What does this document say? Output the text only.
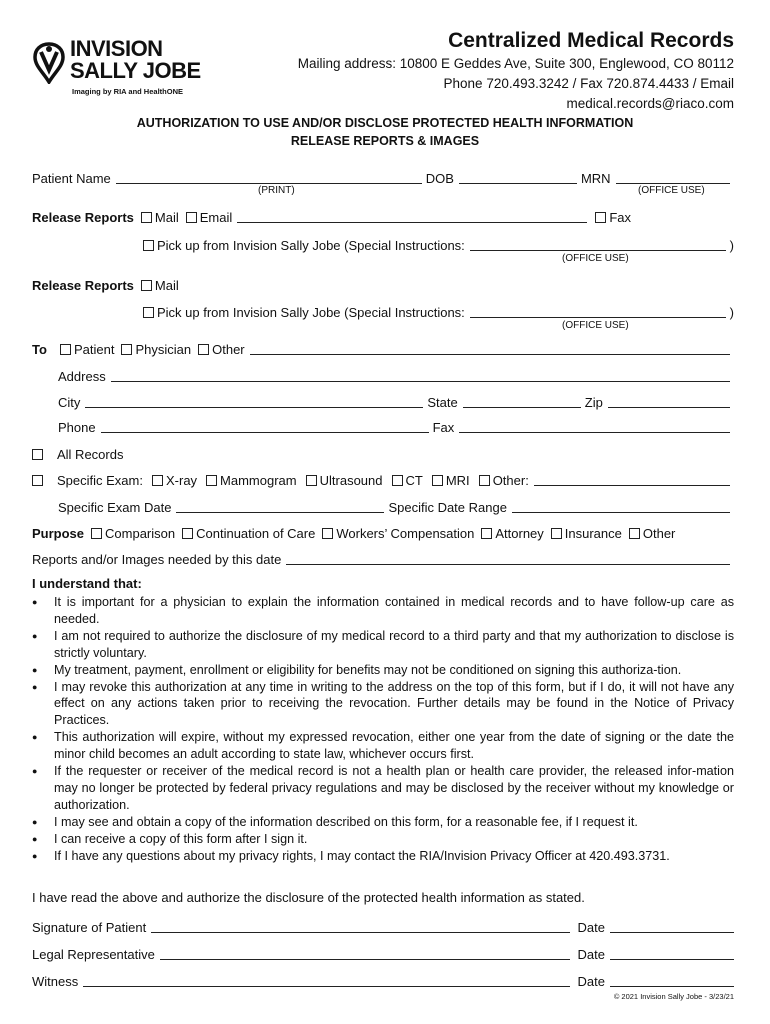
INVISION
SALLY JOBE
Imaging by RIA and HealthONE
Centralized Medical Records
Mailing address: 10800 E Geddes Ave, Suite 300, Englewood, CO 80112
Phone 720.493.3242 / Fax 720.874.4433 / Email medical.records@riaco.com
AUTHORIZATION TO USE AND/OR DISCLOSE PROTECTED HEALTH INFORMATION
RELEASE REPORTS & IMAGES
Patient Name	DOB	MRN
(PRINT)	(OFFICE USE)
Release Reports Mail Email	Fax
Pick up from Invision Sally Jobe (Special Instructions:	)
(OFFICE USE)
Release Reports Mail
Pick up from Invision Sally Jobe (Special Instructions:	)
(OFFICE USE)
To	Patient Physician Other
Address
City	State	Zip
Phone	Fax
All Records
Specific Exam: X-ray Mammogram Ultrasound CT MRI Other:
Specific Exam Date	Specific Date Range
Purpose Comparison Continuation of Care Workers’ Compensation Attorney Insurance Other
Reports and/or Images needed by this date
I understand that:
● It is important for a physician to explain the information contained in medical records and to have follow-up care as needed.
● I am not required to authorize the disclosure of my medical record to a third party and that my authorization to disclose is strictly voluntary.
● My treatment, payment, enrollment or eligibility for benefits may not be conditioned on signing this authoriza-tion.
● I may revoke this authorization at any time in writing to the address on the top of this form, but if I do, it will not have any effect on any actions taken prior to receiving the revocation. Further details may be found in the Notice of Privacy Practices.
● This authorization will expire, without my expressed revocation, either one year from the date of signing or the date the minor child becomes an adult according to state law, whichever occurs first.
● If the requester or receiver of the medical record is not a health plan or health care provider, the released infor-mation may no longer be protected by federal privacy regulations and may be disclosed by the receiver without my knowledge or authorization.
● I may see and obtain a copy of the information described on this form, for a reasonable fee, if I request it.
● I can receive a copy of this form after I sign it.
● If I have any questions about my privacy rights, I may contact the RIA/Invision Privacy Officer at 420.493.3731.
I have read the above and authorize the disclosure of the protected health information as stated.
Signature of Patient	Date
Legal Representative	Date
Witness	Date
© 2021 Invision Sally Jobe - 3/23/21
